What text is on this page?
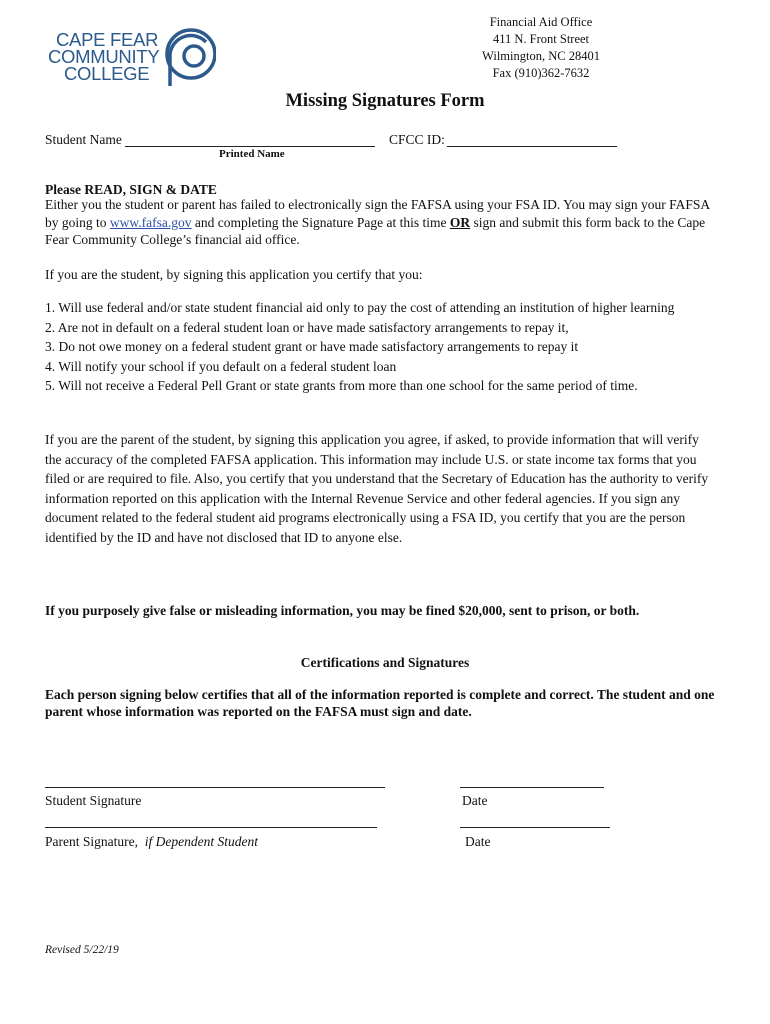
CAPE FEAR
COMMUNITY
COLLEGE
Financial Aid Office
411 N. Front Street
Wilmington, NC 28401
Fax (910)362-7632
Missing Signatures Form
Student Name	CFCC ID:
Printed Name
Please READ, SIGN & DATE
Either you the student or parent has failed to electronically sign the FAFSA using your FSA ID. You may sign your FAFSA by going to www.fafsa.gov and completing the Signature Page at this time OR sign and submit this form back to the Cape Fear Community College’s financial aid office.
If you are the student, by signing this application you certify that you:
1. Will use federal and/or state student financial aid only to pay the cost of attending an institution of higher learning
2. Are not in default on a federal student loan or have made satisfactory arrangements to repay it,
3. Do not owe money on a federal student grant or have made satisfactory arrangements to repay it
4. Will notify your school if you default on a federal student loan
5. Will not receive a Federal Pell Grant or state grants from more than one school for the same period of time.
If you are the parent of the student, by signing this application you agree, if asked, to provide information that will verify the accuracy of the completed FAFSA application. This information may include U.S. or state income tax forms that you filed or are required to file. Also, you certify that you understand that the Secretary of Education has the authority to verify information reported on this application with the Internal Revenue Service and other federal agencies. If you sign any document related to the federal student aid programs electronically using a FSA ID, you certify that you are the person identified by the ID and have not disclosed that ID to anyone else.
If you purposely give false or misleading information, you may be fined $20,000, sent to prison, or both.
Certifications and Signatures
Each person signing below certifies that all of the information reported is complete and correct. The student and one parent whose information was reported on the FAFSA must sign and date.
Student Signature	Date
Parent Signature, if Dependent Student	Date
Revised 5/22/19
